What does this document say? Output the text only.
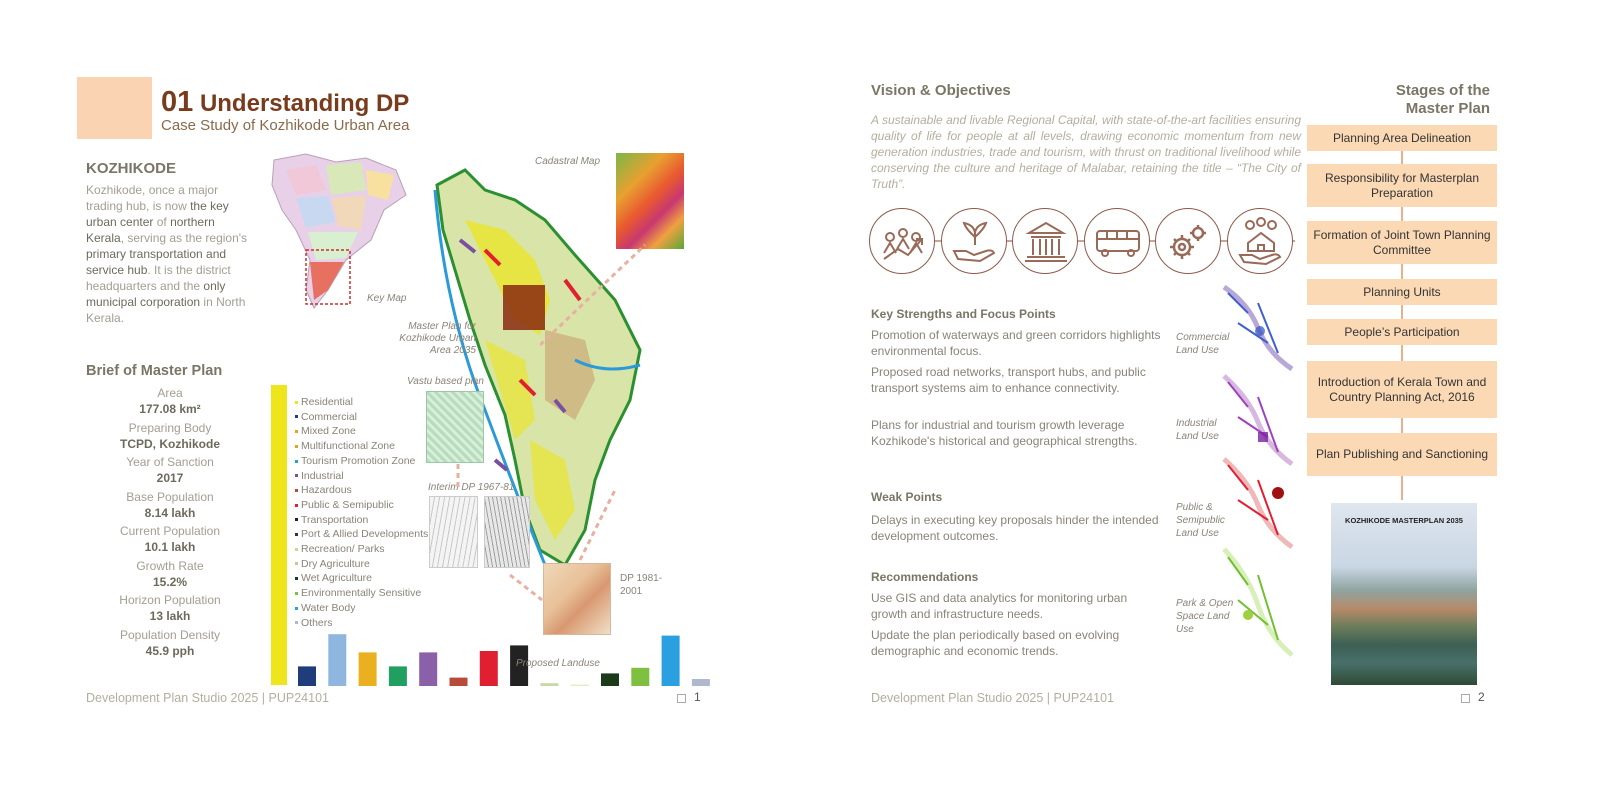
01 Understanding DP
Case Study of Kozhikode Urban Area
KOZHIKODE
Kozhikode, once a major trading hub, is now the key urban center of northern Kerala, serving as the region's primary transportation and service hub. It is the district headquarters and the only municipal corporation in North Kerala.
Brief of Master Plan
Area
177.08 km²
Preparing Body
TCPD, Kozhikode
Year of Sanction
2017
Base Population
8.14 lakh
Current Population
10.1 lakh
Growth Rate
15.2%
Horizon Population
13 lakh
Population Density
45.9 pph
Key Map
Cadastral Map
Master Plan for Kozhikode Urban Area 2035
Vastu based plan
Interim DP 1967-81
DP 1981-2001
Residential
Commercial
Mixed Zone
Multifunctional Zone
Tourism Promotion Zone
Industrial
Hazardous
Public & Semipublic
Transportation
Port & Allied Developments
Recreation/ Parks
Dry Agriculture
Wet Agriculture
Environmentally Sensitive
Water Body
Others
Proposed Landuse
Development Plan Studio 2025 | PUP24101	1
Vision & Objectives
A sustainable and livable Regional Capital, with state-of-the-art facilities ensuring quality of life for people at all levels, drawing economic momentum from new generation industries, trade and tourism, with thrust on traditional livelihood while conserving the culture and heritage of Malabar, retaining the title – “The City of Truth”.
Key Strengths and Focus Points
Promotion of waterways and green corridors highlights environmental focus.
Proposed road networks, transport hubs, and public transport systems aim to enhance connectivity.
Plans for industrial and tourism growth leverage Kozhikode's historical and geographical strengths.
Weak Points
Delays in executing key proposals hinder the intended development outcomes.
Recommendations
Use GIS and data analytics for monitoring urban growth and infrastructure needs.
Update the plan periodically based on evolving demographic and economic trends.
Commercial Land Use
Industrial Land Use
Public & Semipublic Land Use
Park & Open Space Land Use
Stages of the Master Plan
Planning Area Delineation
Responsibility for Masterplan Preparation
Formation of Joint Town Planning Committee
Planning Units
People’s Participation
Introduction of Kerala Town and Country Planning Act, 2016
Plan Publishing and Sanctioning
KOZHIKODE MASTERPLAN 2035
Development Plan Studio 2025 | PUP24101	2
